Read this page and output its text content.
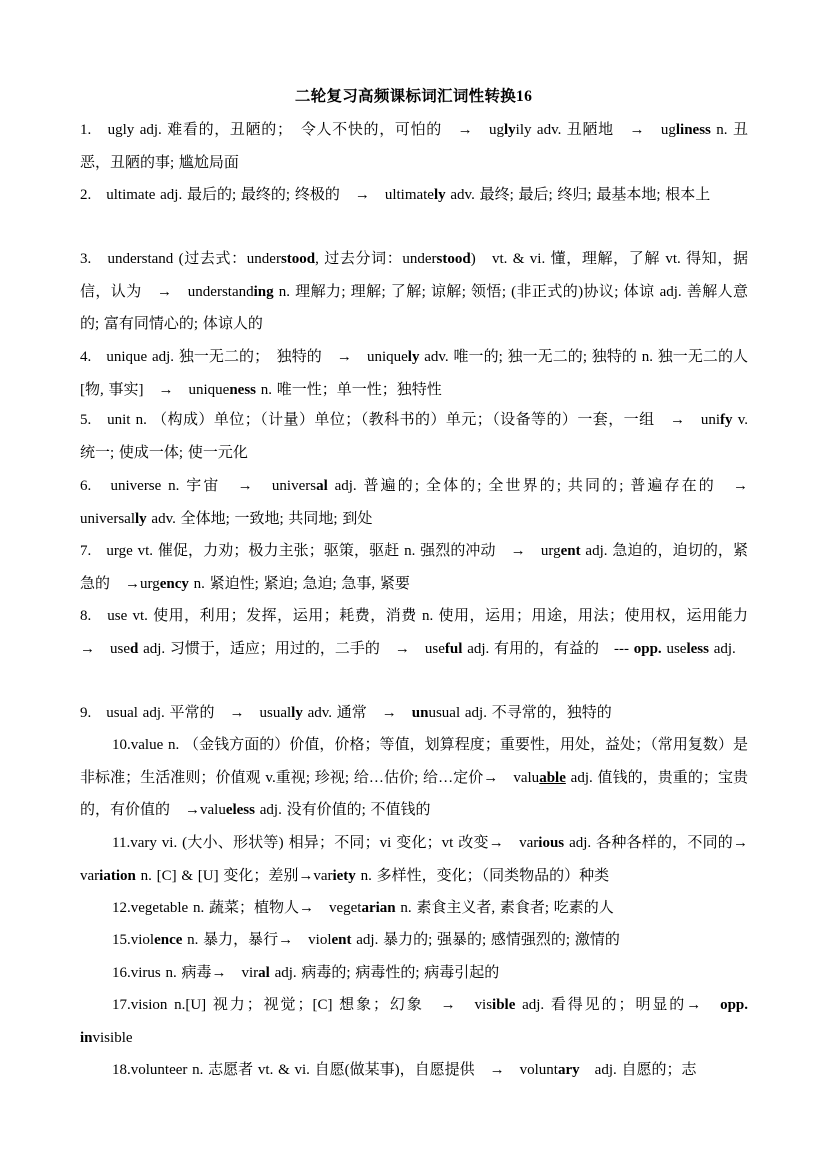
二轮复习高频课标词汇词性转换16
1.　ugly adj. 难看的，丑陋的；　令人不快的，可怕的　→　uglyily adv. 丑陋地　→　ugliness n. 丑恶，丑陋的事; 尴尬局面
2.　ultimate adj. 最后的; 最终的; 终极的　→　ultimately adv. 最终; 最后; 终归; 最基本地; 根本上
3.　understand (过去式：understood, 过去分词：understood)　vt. & vi. 懂，理解，了解 vt. 得知，据信，认为　→　understanding n. 理解力; 理解; 了解; 谅解; 领悟; (非正式的)协议; 体谅 adj. 善解人意的; 富有同情心的; 体谅人的
4.　unique adj. 独一无二的；　独特的　→　uniquely adv. 唯一的; 独一无二的; 独特的 n. 独一无二的人[物, 事实]　→　uniqueness n. 唯一性；单一性；独特性
5.　unit n. （构成）单位；（计量）单位；（教科书的）单元；（设备等的）一套，一组　→　unify v. 统一; 使成一体; 使一元化
6.　universe n. 宇宙　→　universal adj. 普遍的; 全体的; 全世界的; 共同的; 普遍存在的　→　universally adv. 全体地; 一致地; 共同地; 到处
7.　urge vt. 催促，力劝；极力主张；驱策，驱赶 n. 强烈的冲动　→　urgent adj. 急迫的，迫切的，紧急的　→urgency n. 紧迫性; 紧迫; 急迫; 急事, 紧要
8.　use vt. 使用，利用；发挥，运用；耗费，消费 n. 使用，运用；用途，用法；使用权，运用能力　→　used adj. 习惯于，适应；用过的，二手的　→　useful adj. 有用的，有益的　--- opp. useless adj.
9.　usual adj. 平常的　→　usually adv. 通常　→　unusual adj. 不寻常的，独特的
10.value n. （金钱方面的）价值，价格；等值，划算程度；重要性，用处，益处；（常用复数）是非标准；生活准则；价值观 v.重视; 珍视; 给…估价; 给…定价→　valuable adj. 值钱的，贵重的；宝贵的，有价值的　→valueless adj. 没有价值的; 不值钱的
11.vary vi. (大小、形状等) 相异；不同；vi 变化；vt 改变→　various adj. 各种各样的，不同的→　variation n. [C] & [U] 变化；差别→variety n. 多样性，变化；（同类物品的）种类
12.vegetable n. 蔬菜；植物人→　vegetarian n. 素食主义者, 素食者; 吃素的人
15.violence n. 暴力，暴行→　violent adj. 暴力的; 强暴的; 感情强烈的; 激情的
16.virus n. 病毒→　viral adj. 病毒的; 病毒性的; 病毒引起的
17.vision n.[U] 视力；视觉；[C] 想象；幻象　→　visible adj. 看得见的；明显的→　opp. invisible
18.volunteer n. 志愿者 vt. & vi. 自愿(做某事)，自愿提供　→　voluntary　adj. 自愿的；志
